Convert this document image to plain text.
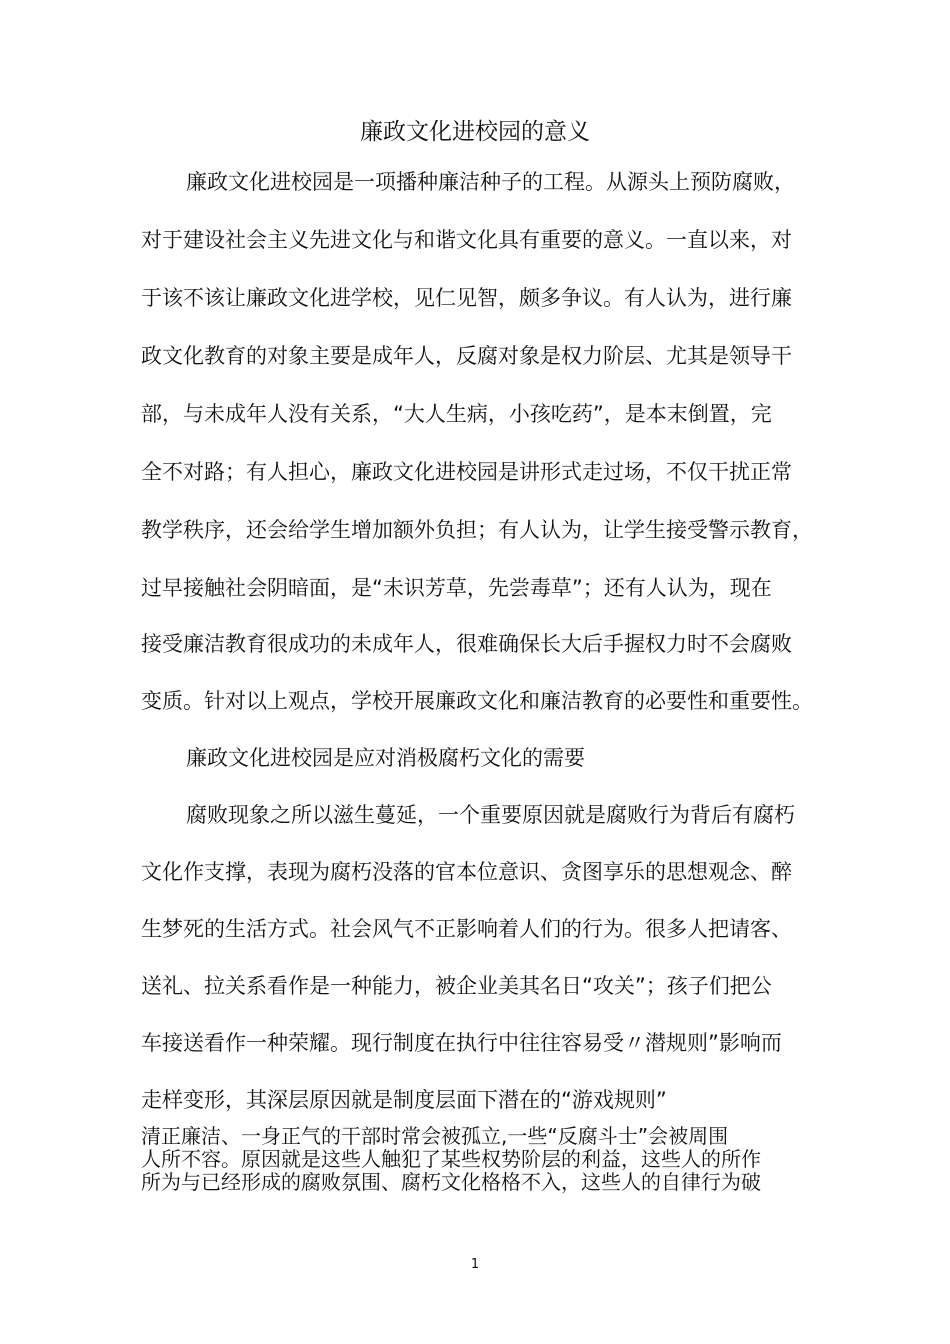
廉政文化进校园的意义
廉政文化进校园是一项播种廉洁种子的工程。从源头上预防腐败，
对于建设社会主义先进文化与和谐文化具有重要的意义。一直以来，对
于该不该让廉政文化进学校，见仁见智，颇多争议。有人认为，进行廉
政文化教育的对象主要是成年人，反腐对象是权力阶层、尤其是领导干
部，与未成年人没有关系，“大人生病，小孩吃药”，是本末倒置，完
全不对路；有人担心，廉政文化进校园是讲形式走过场，不仅干扰正常
教学秩序，还会给学生增加额外负担；有人认为，让学生接受警示教育，
过早接触社会阴暗面，是“未识芳草，先尝毒草”；还有人认为，现在
接受廉洁教育很成功的未成年人，很难确保长大后手握权力时不会腐败
变质。针对以上观点，学校开展廉政文化和廉洁教育的必要性和重要性。
廉政文化进校园是应对消极腐朽文化的需要
腐败现象之所以滋生蔓延，一个重要原因就是腐败行为背后有腐朽
文化作支撑，表现为腐朽没落的官本位意识、贪图享乐的思想观念、醉
生梦死的生活方式。社会风气不正影响着人们的行为。很多人把请客、
送礼、拉关系看作是一种能力，被企业美其名日“攻关”；孩子们把公
车接送看作一种荣耀。现行制度在执行中往往容易受〃潜规则”影响而
走样变形，其深层原因就是制度层面下潜在的“游戏规则”
清正廉洁、一身正气的干部时常会被孤立,一些“反腐斗士”会被周围
人所不容。原因就是这些人触犯了某些权势阶层的利益，这些人的所作
所为与已经形成的腐败氛围、腐朽文化格格不入，这些人的自律行为破
1
